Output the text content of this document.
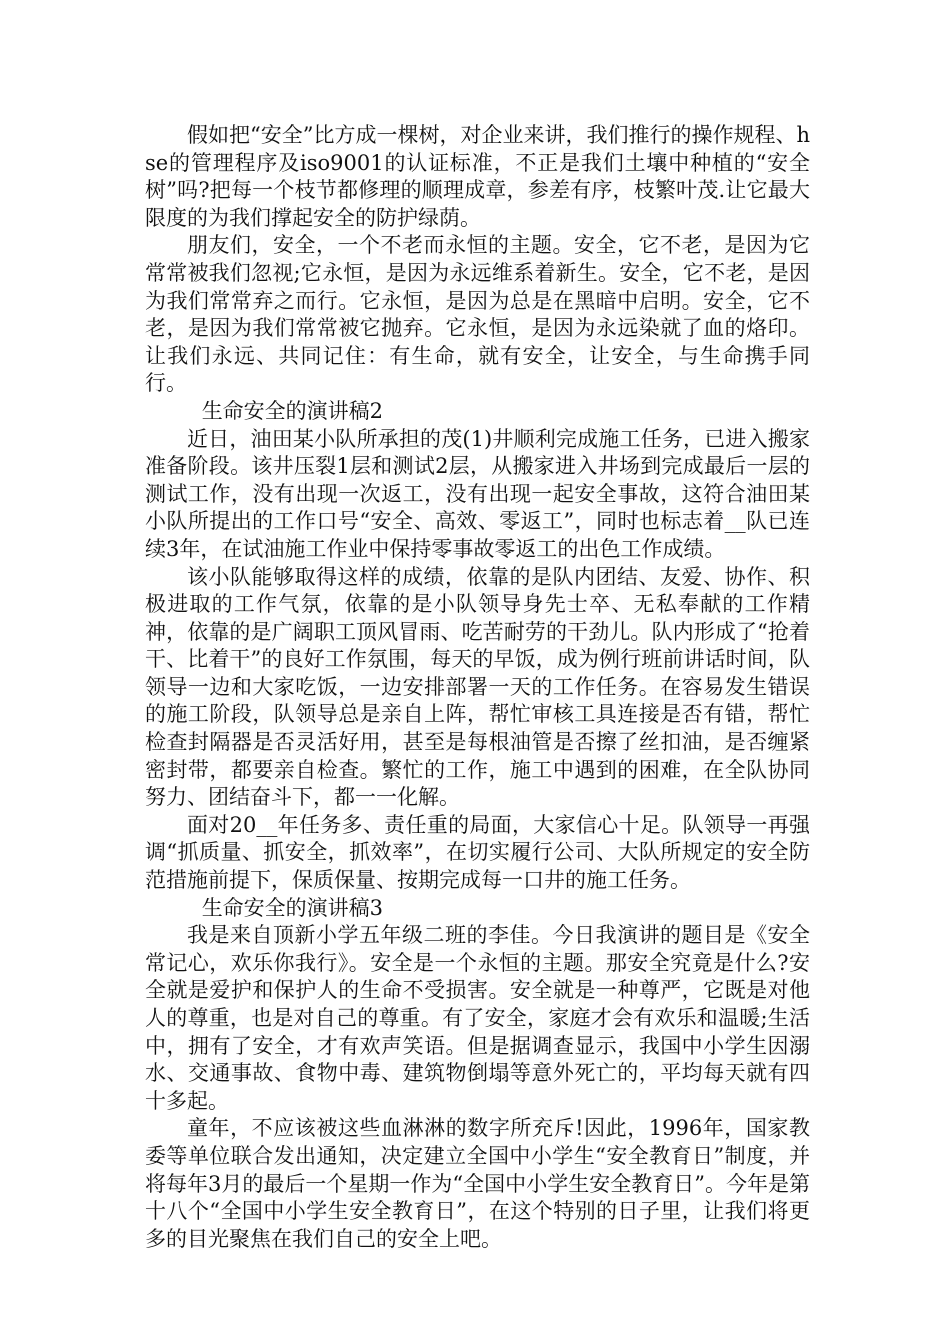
假如把“安全”比方成一棵树，对企业来讲，我们推行的操作规程、hse的管理程序及iso9001的认证标准，不正是我们土壤中种植的“安全树”吗?把每一个枝节都修理的顺理成章，参差有序，枝繁叶茂.让它最大限度的为我们撑起安全的防护绿荫。

朋友们，安全，一个不老而永恒的主题。安全，它不老，是因为它常常被我们忽视;它永恒，是因为永远维系着新生。安全，它不老，是因为我们常常弃之而行。它永恒，是因为总是在黑暗中启明。安全，它不老，是因为我们常常被它抛弃。它永恒，是因为永远染就了血的烙印。让我们永远、共同记住：有生命，就有安全，让安全，与生命携手同行。

生命安全的演讲稿2

近日，油田某小队所承担的茂(1)井顺利完成施工任务，已进入搬家准备阶段。该井压裂1层和测试2层，从搬家进入井场到完成最后一层的测试工作，没有出现一次返工，没有出现一起安全事故，这符合油田某小队所提出的工作口号“安全、高效、零返工”，同时也标志着__队已连续3年，在试油施工作业中保持零事故零返工的出色工作成绩。

该小队能够取得这样的成绩，依靠的是队内团结、友爱、协作、积极进取的工作气氛，依靠的是小队领导身先士卒、无私奉献的工作精神，依靠的是广阔职工顶风冒雨、吃苦耐劳的干劲儿。队内形成了“抢着干、比着干”的良好工作氛围，每天的早饭，成为例行班前讲话时间，队领导一边和大家吃饭，一边安排部署一天的工作任务。在容易发生错误的施工阶段，队领导总是亲自上阵，帮忙审核工具连接是否有错，帮忙检查封隔器是否灵活好用，甚至是每根油管是否擦了丝扣油，是否缠紧密封带，都要亲自检查。繁忙的工作，施工中遇到的困难，在全队协同努力、团结奋斗下，都一一化解。

面对20__年任务多、责任重的局面，大家信心十足。队领导一再强调“抓质量、抓安全，抓效率”，在切实履行公司、大队所规定的安全防范措施前提下，保质保量、按期完成每一口井的施工任务。

生命安全的演讲稿3

我是来自顶新小学五年级二班的李佳。今日我演讲的题目是《安全常记心，欢乐你我行》。安全是一个永恒的主题。那安全究竟是什么?安全就是爱护和保护人的生命不受损害。安全就是一种尊严，它既是对他人的尊重，也是对自己的尊重。有了安全，家庭才会有欢乐和温暖;生活中，拥有了安全，才有欢声笑语。但是据调查显示，我国中小学生因溺水、交通事故、食物中毒、建筑物倒塌等意外死亡的，平均每天就有四十多起。

童年，不应该被这些血淋淋的数字所充斥!因此，1996年，国家教委等单位联合发出通知，决定建立全国中小学生“安全教育日”制度，并将每年3月的最后一个星期一作为“全国中小学生安全教育日”。今年是第十八个“全国中小学生安全教育日”，在这个特别的日子里，让我们将更多的目光聚焦在我们自己的安全上吧。
